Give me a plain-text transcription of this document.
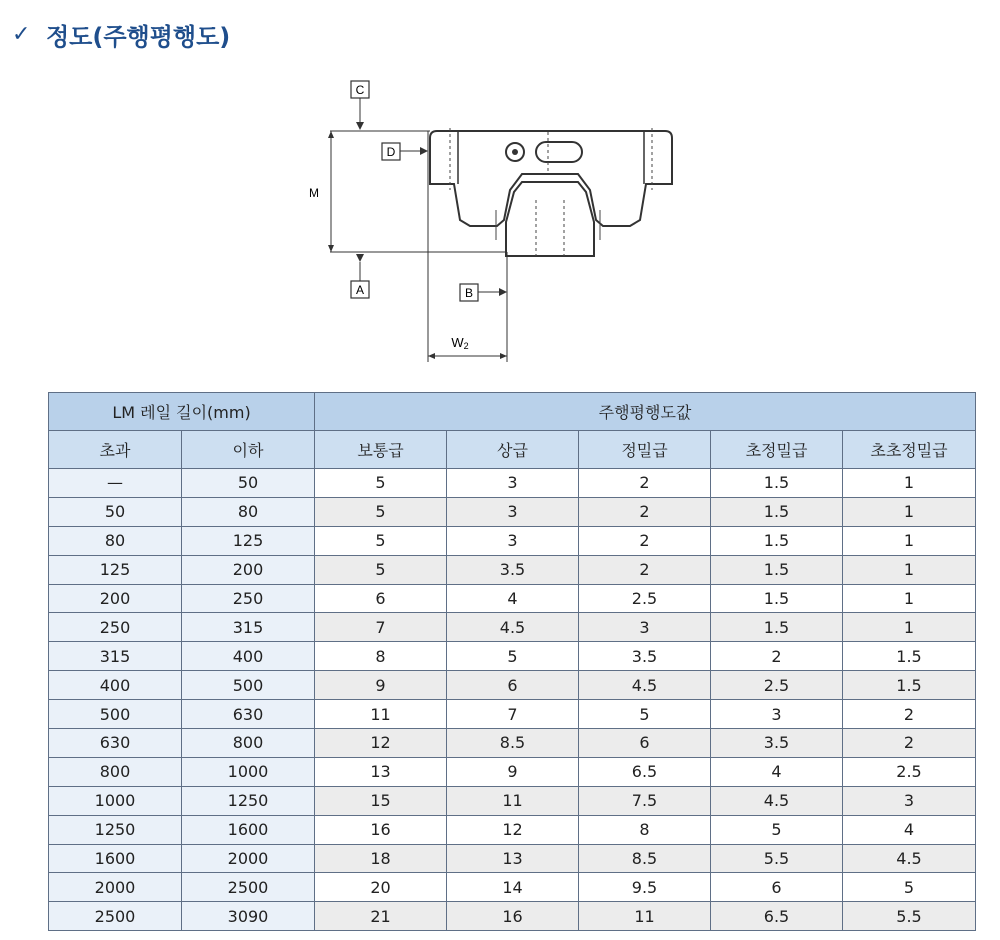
✓ 정도(주행평행도)
C
M
D
A	B
W2
LM 레일 길이(mm)		주행평행도값				
초과	이하	보통급	상급	정밀급	초정밀급	초초정밀급
—	50	5	3	2	1.5	1
50	80	5	3	2	1.5	1
80	125	5	3	2	1.5	1
125	200	5	3.5	2	1.5	1
200	250	6	4	2.5	1.5	1
250	315	7	4.5	3	1.5	1
315	400	8	5	3.5	2	1.5
400	500	9	6	4.5	2.5	1.5
500	630	11	7	5	3	2
630	800	12	8.5	6	3.5	2
800	1000	13	9	6.5	4	2.5
1000	1250	15	11	7.5	4.5	3
1250	1600	16	12	8	5	4
1600	2000	18	13	8.5	5.5	4.5
2000	2500	20	14	9.5	6	5
2500	3090	21	16	11	6.5	5.5
